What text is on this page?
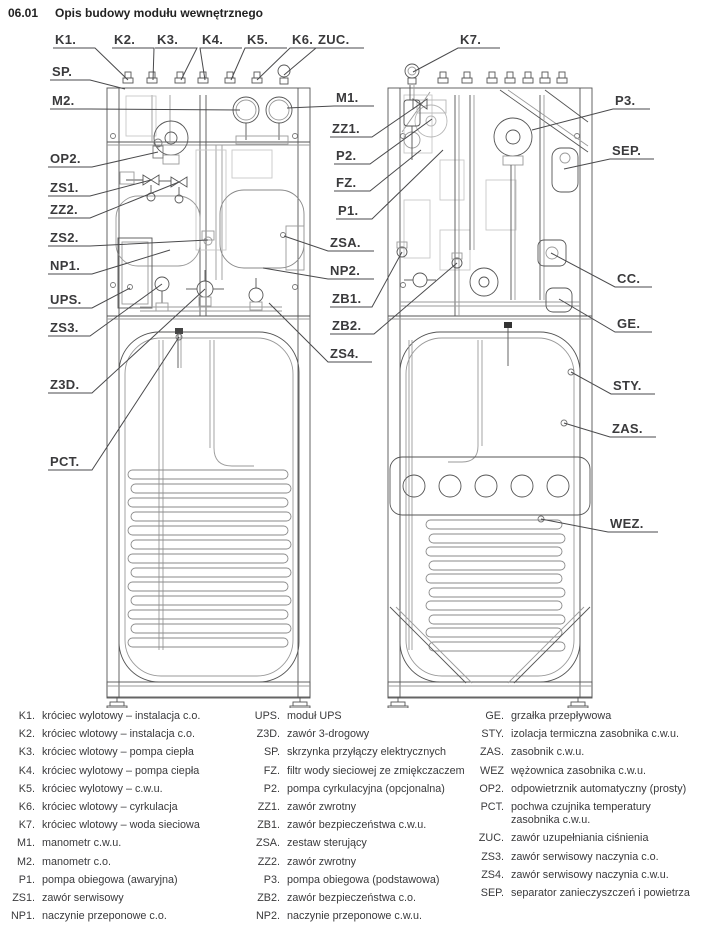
06.01 Opis budowy modułu wewnętrznego
K1.	K2. K3. K4. K5. K6. ZUC.	K7.
SP.
M2.	M1.
OP2.
ZS1.
ZZ2.
ZS2.
NP1.
UPS.
ZS3.
Z3D.
PCT.
ZZ1.
P2.
FZ.
P1.
ZSA.
NP2.
ZB1.
ZB2.
ZS4.
P3.
SEP.
CC.
GE.
STY.
ZAS.
WEZ.
K1. króciec wylotowy – instalacja c.o.
K2. króciec wlotowy – instalacja c.o.
K3. króciec wlotowy – pompa ciepła
K4. króciec wylotowy – pompa ciepła
K5. króciec wylotowy – c.w.u.
K6. króciec wlotowy – cyrkulacja
K7. króciec wlotowy – woda sieciowa
M1. manometr c.w.u.
M2. manometr c.o.
P1. pompa obiegowa (awaryjna)
ZS1. zawór serwisowy
NP1. naczynie przeponowe c.o.
UPS. moduł UPS
Z3D. zawór 3-drogowy
SP. skrzynka przyłączy elektrycznych
FZ. filtr wody sieciowej ze zmiękczaczem
P2. pompa cyrkulacyjna (opcjonalna)
ZZ1. zawór zwrotny
ZB1. zawór bezpieczeństwa c.w.u.
ZSA. zestaw sterujący
ZZ2. zawór zwrotny
P3. pompa obiegowa (podstawowa)
ZB2. zawór bezpieczeństwa c.o.
NP2. naczynie przeponowe c.w.u.
GE. grzałka przepływowa
STY. izolacja termiczna zasobnika c.w.u.
ZAS. zasobnik c.w.u.
WEZ wężownica zasobnika c.w.u.
OP2. odpowietrznik automatyczny (prosty)
PCT. pochwa czujnika temperatury zasobnika c.w.u.
ZUC. zawór uzupełniania ciśnienia
ZS3. zawór serwisowy naczynia c.o.
ZS4. zawór serwisowy naczynia c.w.u.
SEP. separator zanieczyszczeń i powietrza
